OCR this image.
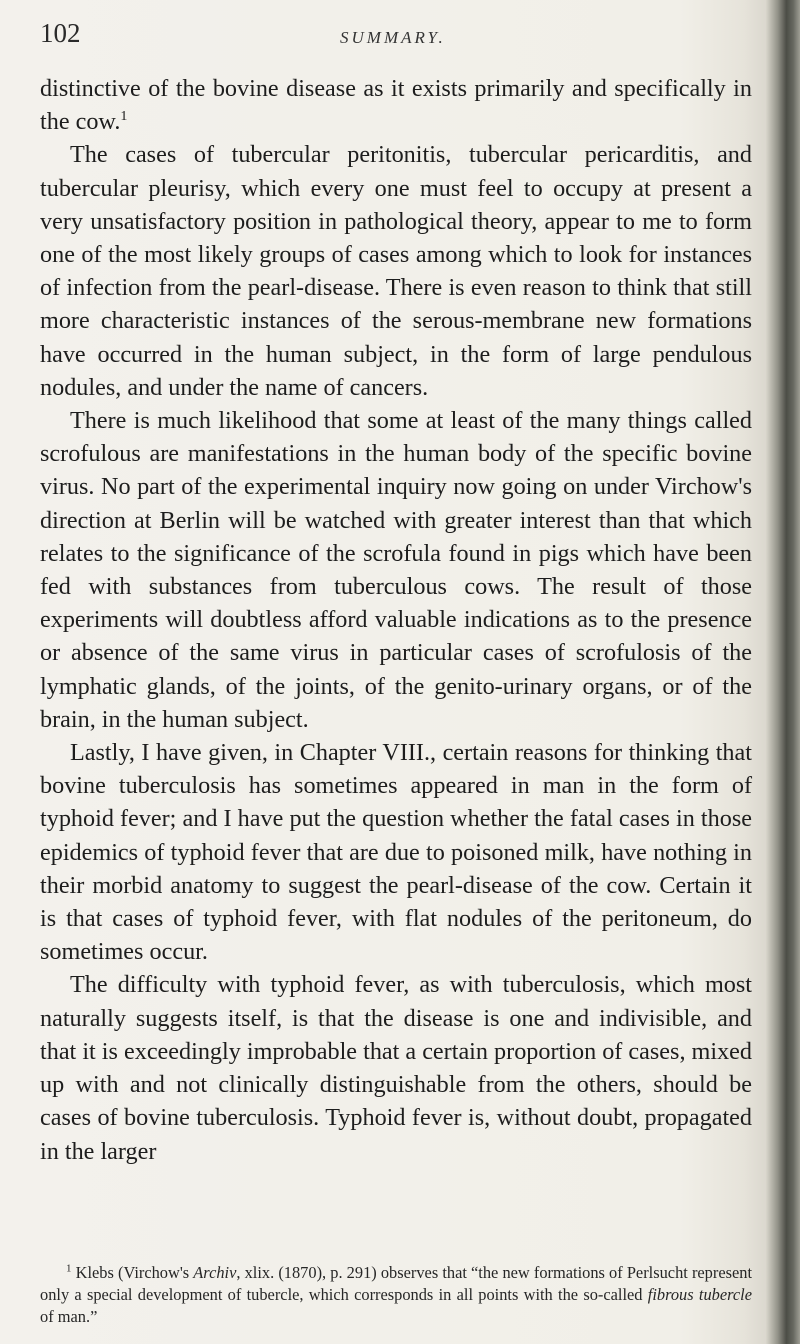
102	SUMMARY.

distinctive of the bovine disease as it exists primarily and specifically in the cow.$^1$

The cases of tubercular peritonitis, tubercular pericarditis, and tubercular pleurisy, which every one must feel to occupy at present a very unsatisfactory position in pathological theory, appear to me to form one of the most likely groups of cases among which to look for instances of infection from the pearl-disease. There is even reason to think that still more characteristic instances of the serous-membrane new formations have occurred in the human subject, in the form of large pendulous nodules, and under the name of cancers.

There is much likelihood that some at least of the many things called scrofulous are manifestations in the human body of the specific bovine virus. No part of the experimental inquiry now going on under Virchow's direction at Berlin will be watched with greater interest than that which relates to the significance of the scrofula found in pigs which have been fed with substances from tuberculous cows. The result of those experiments will doubtless afford valuable indications as to the presence or absence of the same virus in particular cases of scrofulosis of the lymphatic glands, of the joints, of the genito-urinary organs, or of the brain, in the human subject.

Lastly, I have given, in Chapter VIII., certain reasons for thinking that bovine tuberculosis has sometimes appeared in man in the form of typhoid fever; and I have put the question whether the fatal cases in those epidemics of typhoid fever that are due to poisoned milk, have nothing in their morbid anatomy to suggest the pearl-disease of the cow. Certain it is that cases of typhoid fever, with flat nodules of the peritoneum, do sometimes occur.

The difficulty with typhoid fever, as with tuberculosis, which most naturally suggests itself, is that the disease is one and indivisible, and that it is exceedingly improbable that a certain proportion of cases, mixed up with and not clinically distinguishable from the others, should be cases of bovine tuberculosis. Typhoid fever is, without doubt, propagated in the larger

$^1$ Klebs (Virchow's Archiv, xlix. (1870), p. 291) observes that “the new formations of Perlsucht represent only a special development of tubercle, which corresponds in all points with the so-called fibrous tubercle of man.”
